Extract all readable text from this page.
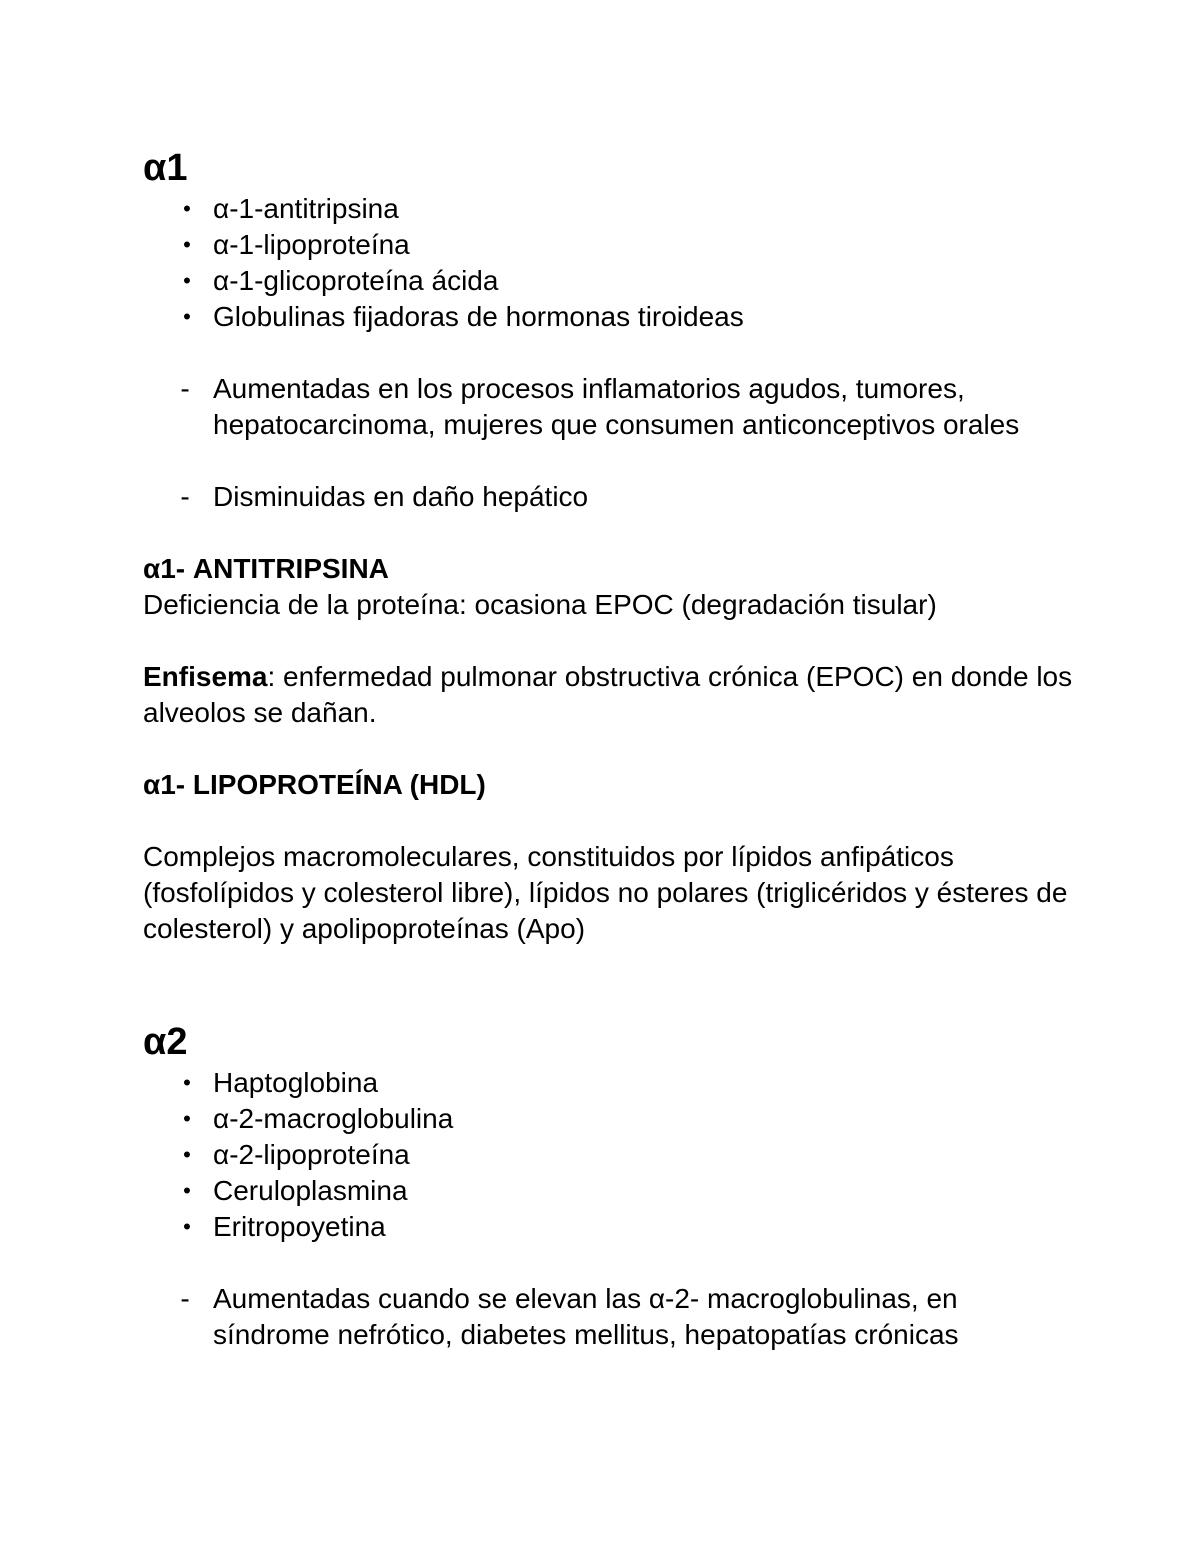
α1
• α-1-antitripsina
• α-1-lipoproteína
• α-1-glicoproteína ácida
• Globulinas fijadoras de hormonas tiroideas
- Aumentadas en los procesos inflamatorios agudos, tumores, hepatocarcinoma, mujeres que consumen anticonceptivos orales
- Disminuidas en daño hepático

α1- ANTITRIPSINA

Deficiencia de la proteína: ocasiona EPOC (degradación tisular)

Enfisema: enfermedad pulmonar obstructiva crónica (EPOC) en donde los alveolos se dañan.

α1- LIPOPROTEÍNA (HDL)

Complejos macromoleculares, constituidos por lípidos anfipáticos (fosfolípidos y colesterol libre), lípidos no polares (triglicéridos y ésteres de colesterol) y apolipoproteínas (Apo)

α2
• Haptoglobina
• α-2-macroglobulina
• α-2-lipoproteína
• Ceruloplasmina
• Eritropoyetina
- Aumentadas cuando se elevan las α-2- macroglobulinas, en síndrome nefrótico, diabetes mellitus, hepatopatías crónicas
